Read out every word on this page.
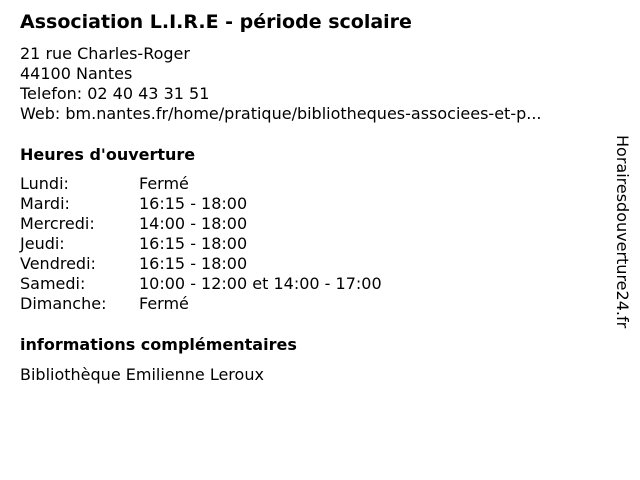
Association L.I.R.E - période scolaire
21 rue Charles-Roger
44100 Nantes
Telefon: 02 40 43 31 51
Web: bm.nantes.fr/home/pratique/bibliotheques-associees-et-p...
Heures d'ouverture
Lundi:	Fermé
Mardi:	16:15 - 18:00
Mercredi:	14:00 - 18:00
Jeudi:	16:15 - 18:00
Vendredi:	16:15 - 18:00
Samedi:	10:00 - 12:00 et 14:00 - 17:00
Dimanche:	Fermé
informations complémentaires
Bibliothèque Emilienne Leroux
Horairesdouverture24.fr
